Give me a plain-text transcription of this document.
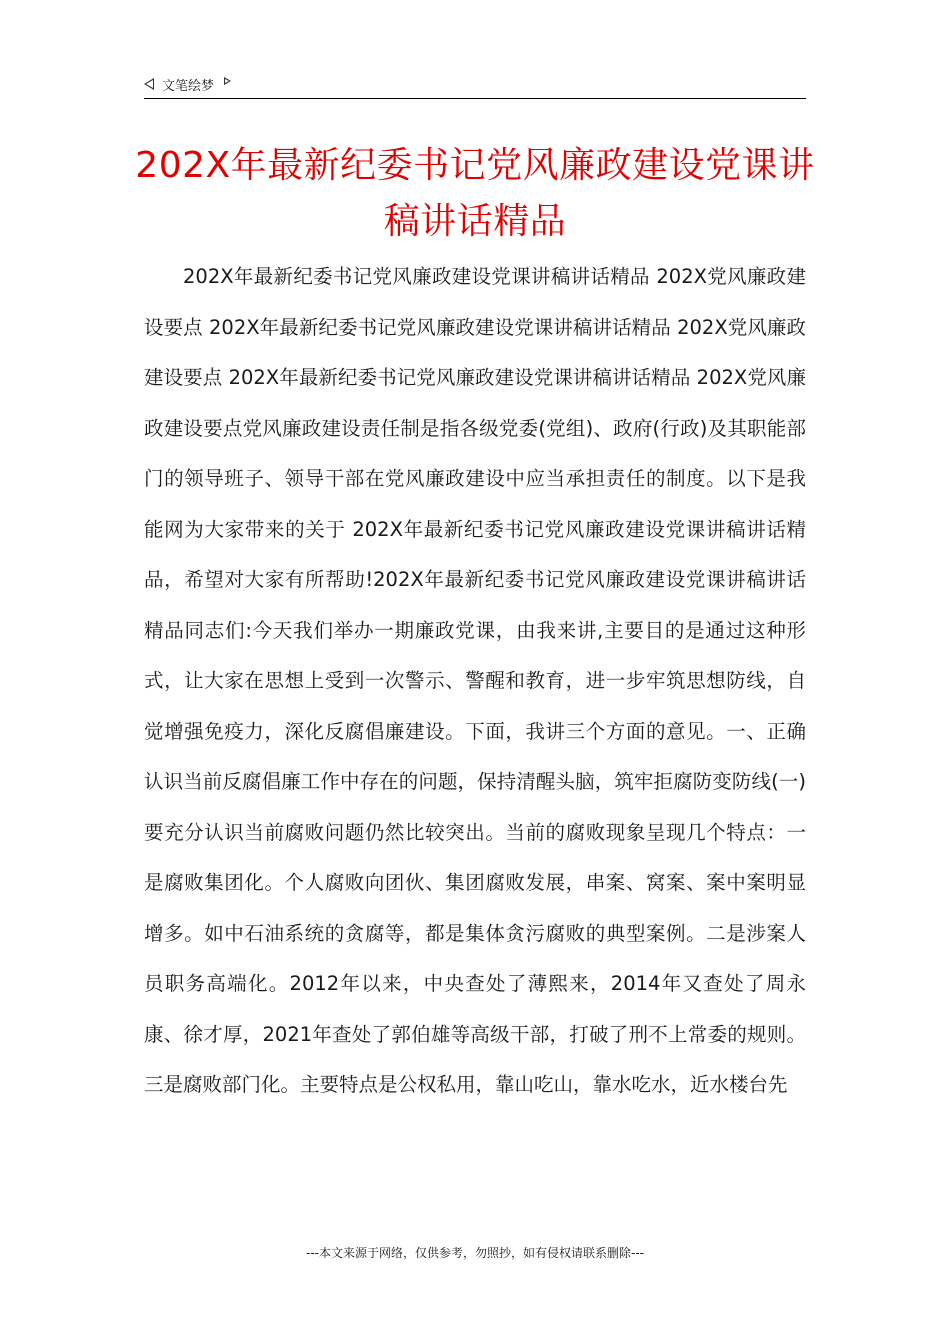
文笔绘梦
202X年最新纪委书记党风廉政建设党课讲稿讲话精品

202X年最新纪委书记党风廉政建设党课讲稿讲话精品 202X党风廉政建设要点 202X年最新纪委书记党风廉政建设党课讲稿讲话精品 202X党风廉政建设要点 202X年最新纪委书记党风廉政建设党课讲稿讲话精品 202X党风廉政建设要点党风廉政建设责任制是指各级党委(党组)、政府(行政)及其职能部门的领导班子、领导干部在党风廉政建设中应当承担责任的制度。以下是我能网为大家带来的关于 202X年最新纪委书记党风廉政建设党课讲稿讲话精品，希望对大家有所帮助!202X年最新纪委书记党风廉政建设党课讲稿讲话精品同志们:今天我们举办一期廉政党课，由我来讲,主要目的是通过这种形式，让大家在思想上受到一次警示、警醒和教育，进一步牢筑思想防线，自觉增强免疫力，深化反腐倡廉建设。下面，我讲三个方面的意见。一、正确认识当前反腐倡廉工作中存在的问题，保持清醒头脑，筑牢拒腐防变防线(一)要充分认识当前腐败问题仍然比较突出。当前的腐败现象呈现几个特点：一是腐败集团化。个人腐败向团伙、集团腐败发展，串案、窝案、案中案明显增多。如中石油系统的贪腐等，都是集体贪污腐败的典型案例。二是涉案人员职务高端化。2012年以来，中央查处了薄熙来，2014年又查处了周永康、徐才厚，2021年查处了郭伯雄等高级干部，打破了刑不上常委的规则。三是腐败部门化。主要特点是公权私用，靠山吃山，靠水吃水，近水楼台先

---本文来源于网络，仅供参考，勿照抄，如有侵权请联系删除---
